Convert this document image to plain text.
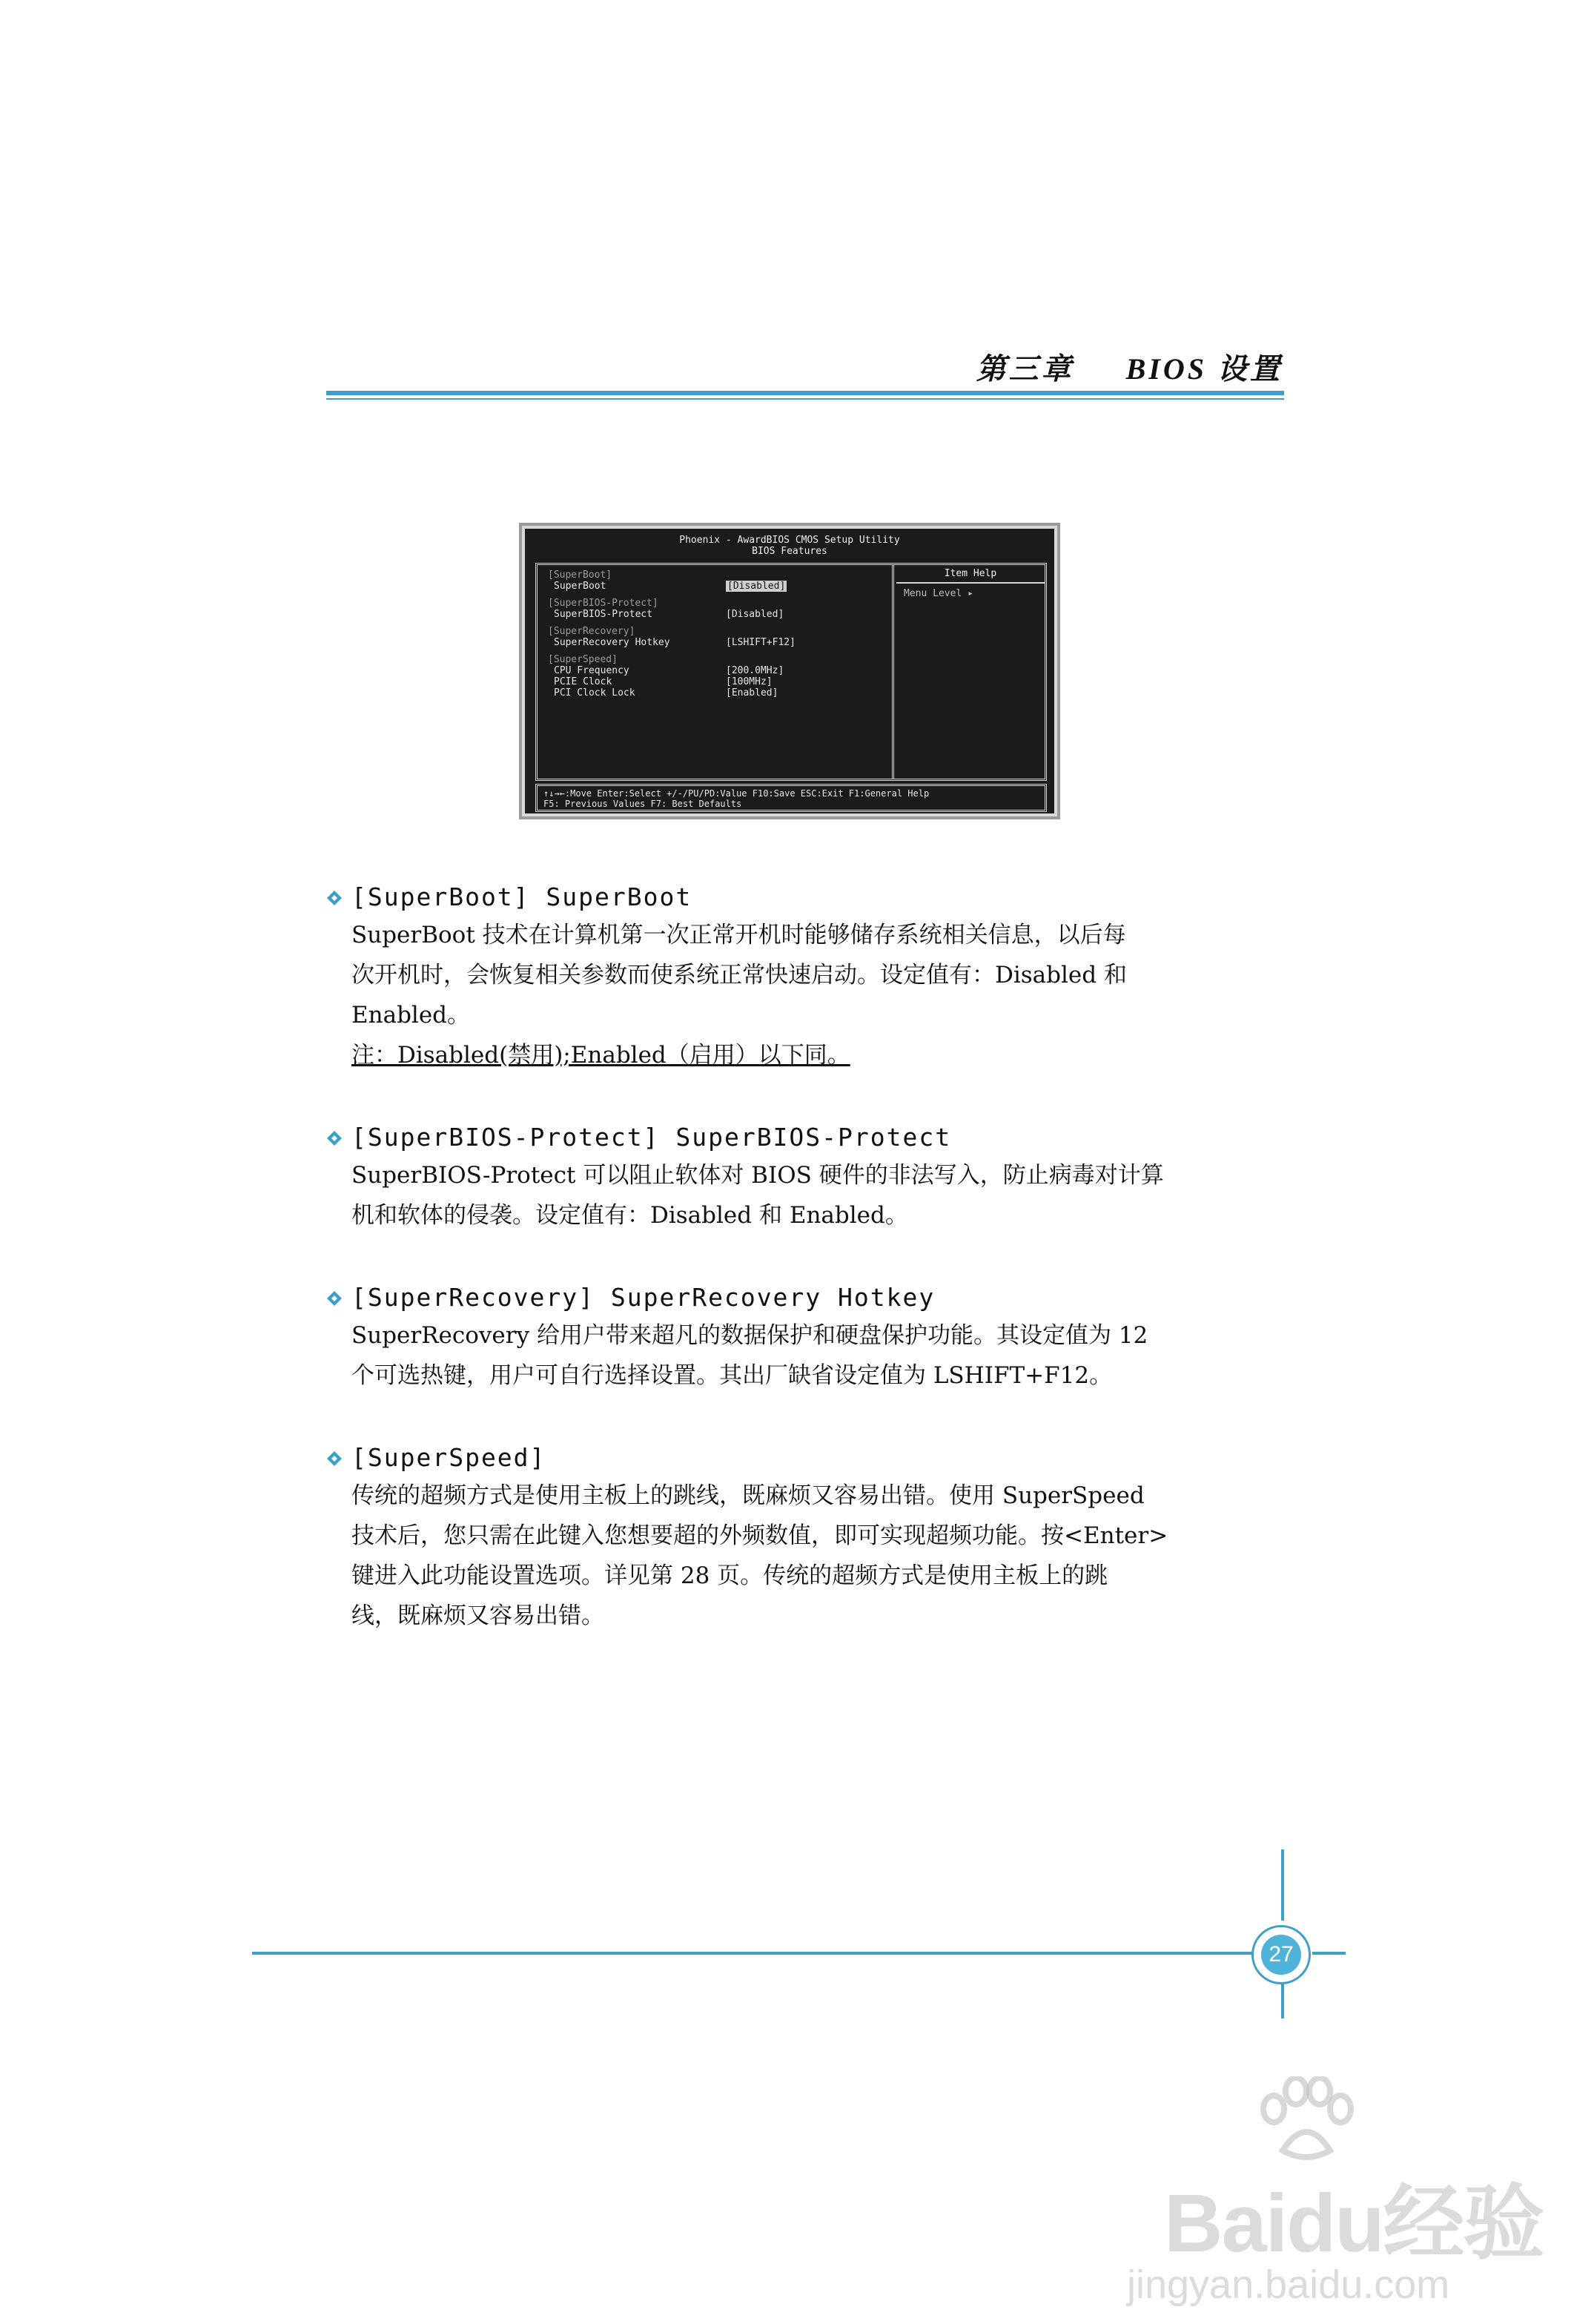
第三章 BIOS 设置
Phoenix - AwardBIOS CMOS Setup Utility
BIOS Features
[SuperBoot]
SuperBoot	[Disabled]
[SuperBIOS-Protect]
SuperBIOS-Protect	[Disabled]
[SuperRecovery]
SuperRecovery Hotkey	[LSHIFT+F12]
[SuperSpeed]
CPU Frequency	[200.0MHz]
PCIE Clock	[100MHz]
PCI Clock Lock	[Enabled]
Item Help
Menu Level ▸
↑↓→←:Move Enter:Select +/-/PU/PD:Value F10:Save ESC:Exit F1:General Help
F5: Previous Values F7: Best Defaults
[SuperBoot] SuperBoot

SuperBoot 技术在计算机第一次正常开机时能够储存系统相关信息，以后每

次开机时，会恢复相关参数而使系统正常快速启动。设定值有：Disabled 和

Enabled。

注：Disabled(禁用);Enabled（启用）以下同。

[SuperBIOS-Protect] SuperBIOS-Protect

SuperBIOS-Protect 可以阻止软体对 BIOS 硬件的非法写入，防止病毒对计算

机和软体的侵袭。设定值有：Disabled 和 Enabled。

[SuperRecovery] SuperRecovery Hotkey

SuperRecovery 给用户带来超凡的数据保护和硬盘保护功能。其设定值为 12

个可选热键，用户可自行选择设置。其出厂缺省设定值为 LSHIFT+F12。

[SuperSpeed]

传统的超频方式是使用主板上的跳线，既麻烦又容易出错。使用 SuperSpeed

技术后，您只需在此键入您想要超的外频数值，即可实现超频功能。按<Enter>

键进入此功能设置选项。详见第 28 页。传统的超频方式是使用主板上的跳

线，既麻烦又容易出错。

27
Baidu经验
jingyan.baidu.com
